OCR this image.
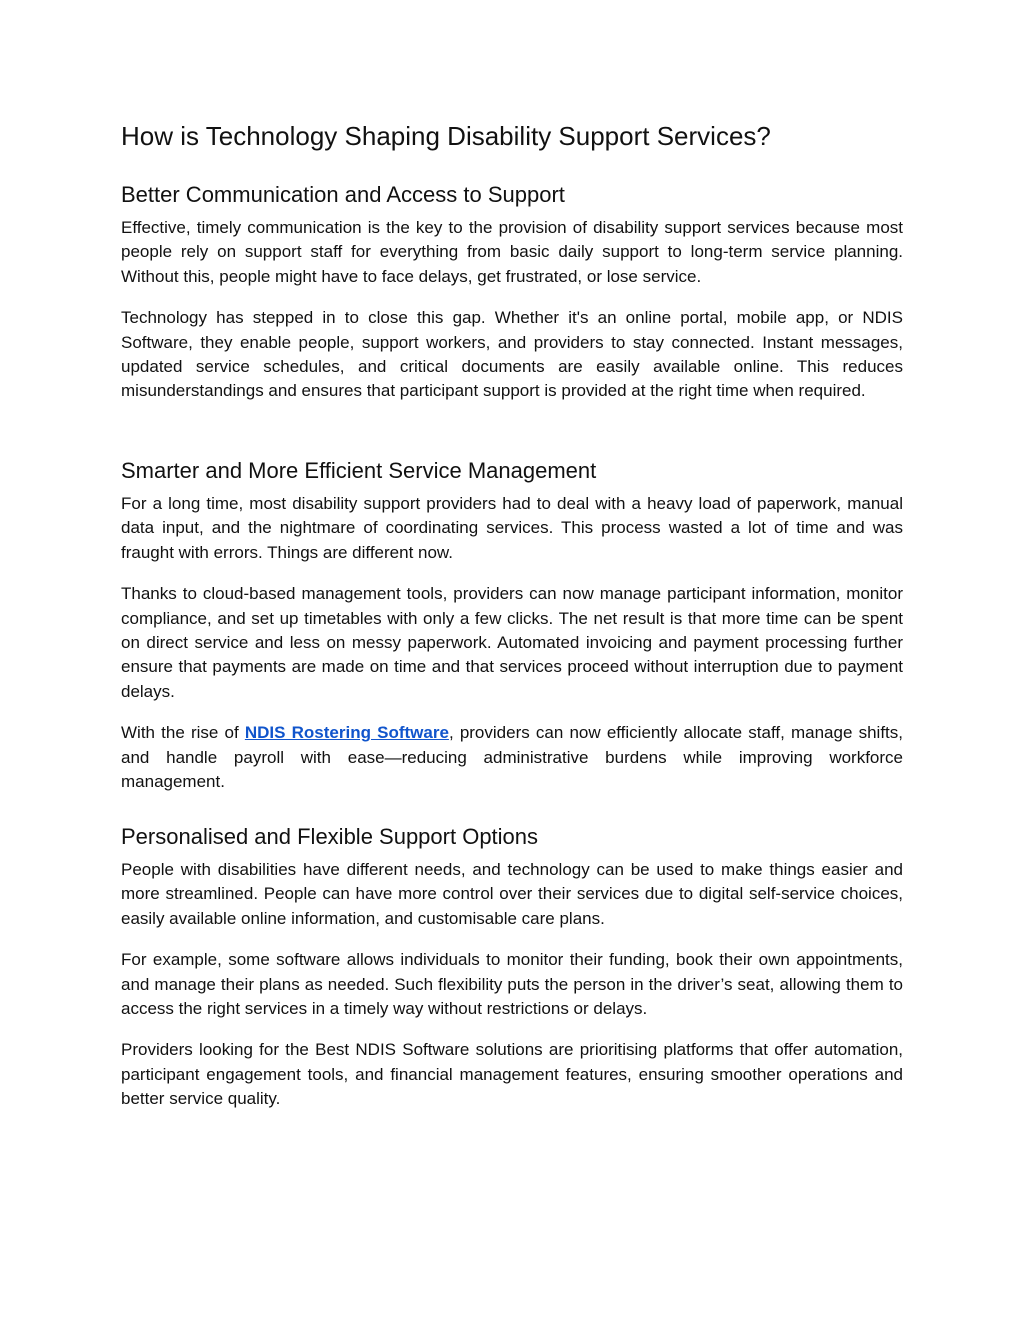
How is Technology Shaping Disability Support Services?
Better Communication and Access to Support

Effective, timely communication is the key to the provision of disability support services because most people rely on support staff for everything from basic daily support to long-term service planning. Without this, people might have to face delays, get frustrated, or lose service.

Technology has stepped in to close this gap. Whether it's an online portal, mobile app, or NDIS Software, they enable people, support workers, and providers to stay connected. Instant messages, updated service schedules, and critical documents are easily available online. This reduces misunderstandings and ensures that participant support is provided at the right time when required.

Smarter and More Efficient Service Management

For a long time, most disability support providers had to deal with a heavy load of paperwork, manual data input, and the nightmare of coordinating services. This process wasted a lot of time and was fraught with errors. Things are different now.

Thanks to cloud-based management tools, providers can now manage participant information, monitor compliance, and set up timetables with only a few clicks. The net result is that more time can be spent on direct service and less on messy paperwork. Automated invoicing and payment processing further ensure that payments are made on time and that services proceed without interruption due to payment delays.

With the rise of NDIS Rostering Software, providers can now efficiently allocate staff, manage shifts, and handle payroll with ease—reducing administrative burdens while improving workforce management.

Personalised and Flexible Support Options

People with disabilities have different needs, and technology can be used to make things easier and more streamlined. People can have more control over their services due to digital self-service choices, easily available online information, and customisable care plans.

For example, some software allows individuals to monitor their funding, book their own appointments, and manage their plans as needed. Such flexibility puts the person in the driver’s seat, allowing them to access the right services in a timely way without restrictions or delays.

Providers looking for the Best NDIS Software solutions are prioritising platforms that offer automation, participant engagement tools, and financial management features, ensuring smoother operations and better service quality.
